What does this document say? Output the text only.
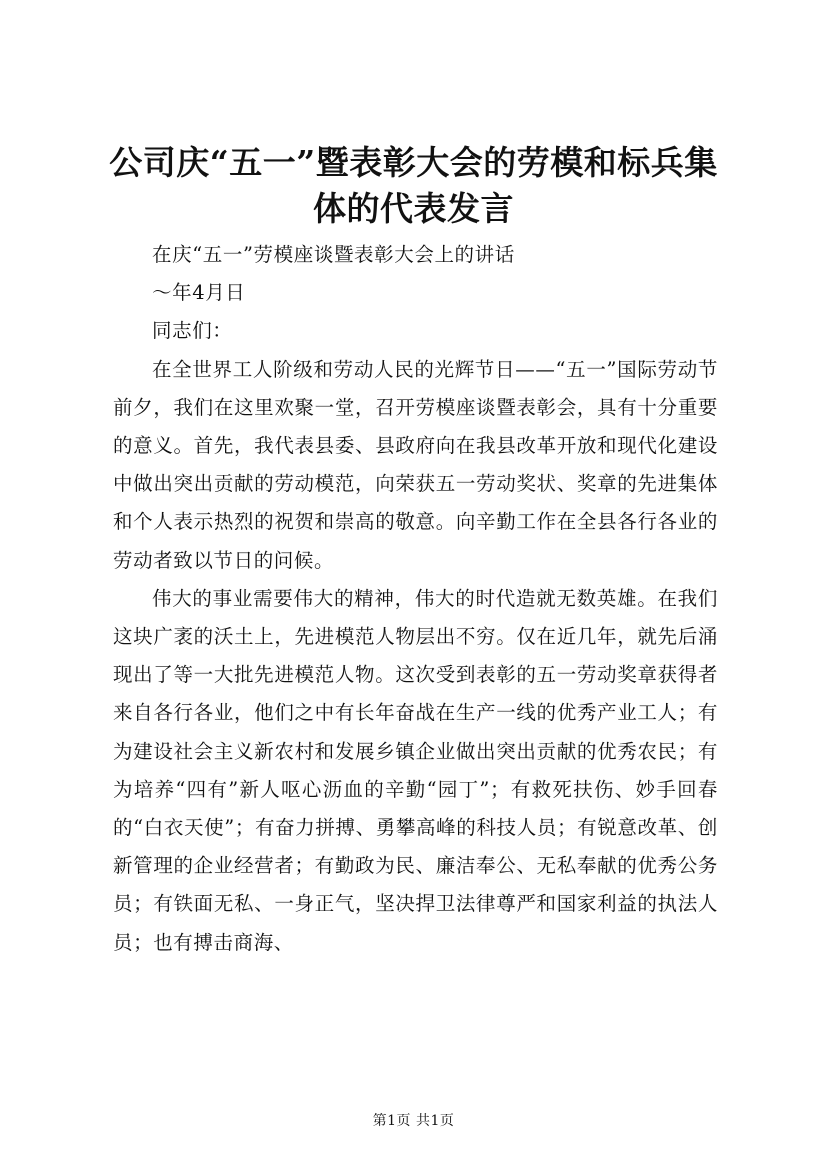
公司庆“五一”暨表彰大会的劳模和标兵集体的代表发言

在庆“五一”劳模座谈暨表彰大会上的讲话

～年4月日

同志们：

在全世界工人阶级和劳动人民的光辉节日——“五一”国际劳动节前夕，我们在这里欢聚一堂，召开劳模座谈暨表彰会，具有十分重要的意义。首先，我代表县委、县政府向在我县改革开放和现代化建设中做出突出贡献的劳动模范，向荣获五一劳动奖状、奖章的先进集体和个人表示热烈的祝贺和崇高的敬意。向辛勤工作在全县各行各业的劳动者致以节日的问候。

伟大的事业需要伟大的精神，伟大的时代造就无数英雄。在我们这块广袤的沃土上，先进模范人物层出不穷。仅在近几年，就先后涌现出了等一大批先进模范人物。这次受到表彰的五一劳动奖章获得者来自各行各业，他们之中有长年奋战在生产一线的优秀产业工人；有为建设社会主义新农村和发展乡镇企业做出突出贡献的优秀农民；有为培养“四有”新人呕心沥血的辛勤“园丁”；有救死扶伤、妙手回春的“白衣天使”；有奋力拼搏、勇攀高峰的科技人员；有锐意改革、创新管理的企业经营者；有勤政为民、廉洁奉公、无私奉献的优秀公务员；有铁面无私、一身正气，坚决捍卫法律尊严和国家利益的执法人员；也有搏击商海、

第1页 共1页
